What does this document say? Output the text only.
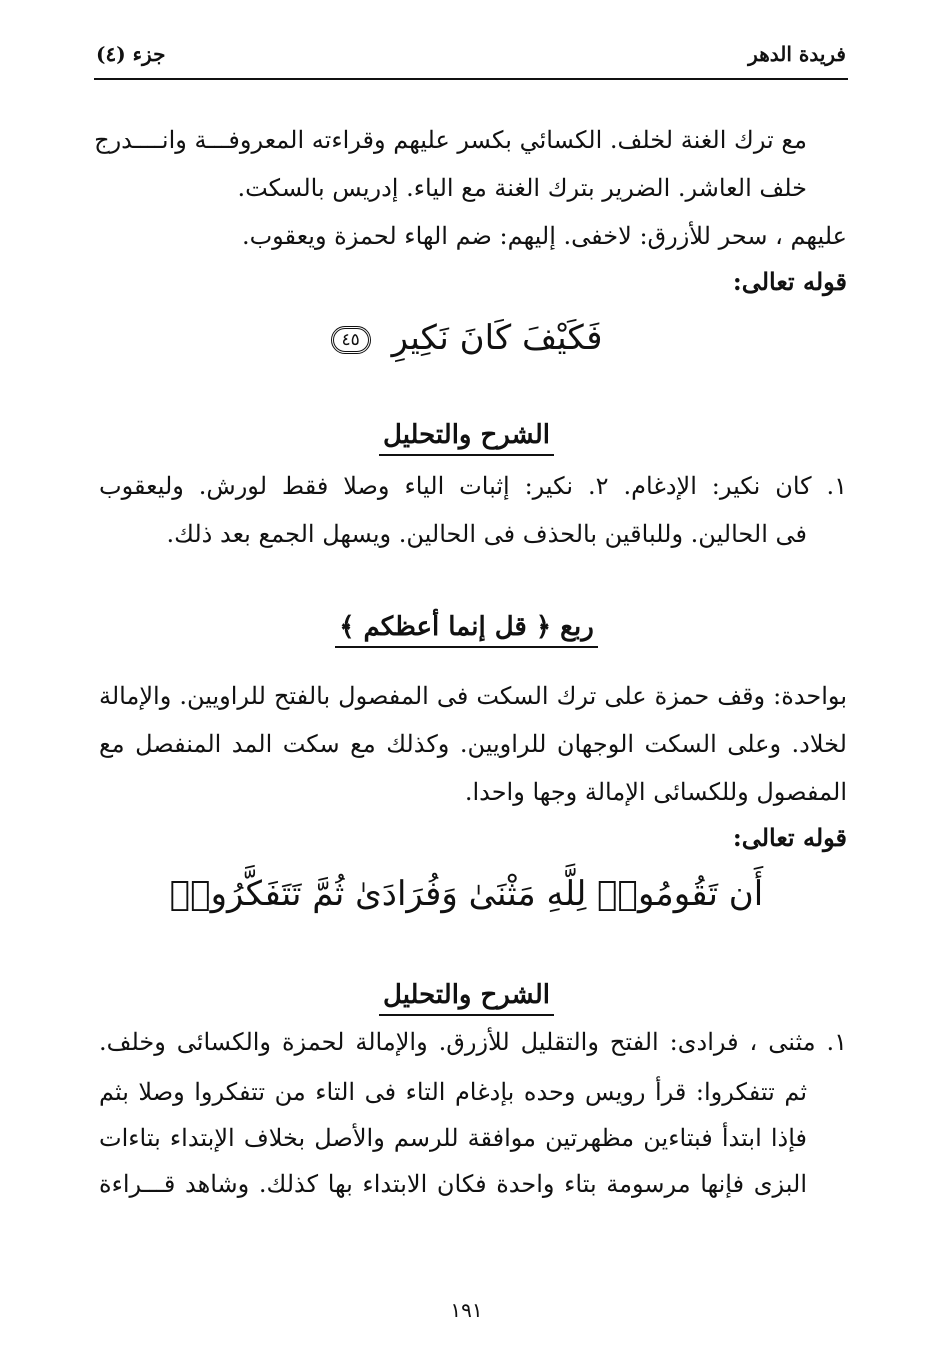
فريدة الدهر
جزء (٤)
مع ترك الغنة لخلف. الكسائي بكسر عليهم وقراءته المعروفـــة وانــــدرج
خلف العاشر. الضرير بترك الغنة مع الياء. إدريس بالسكت.
عليهم ، سحر للأزرق: لاخفى. إليهم: ضم الهاء لحمزة ويعقوب.
قوله تعالى:
فَكَيْفَ كَانَ نَكِيرِ ٤٥
الشرح والتحليل
١. كان نكير: الإدغام. ٢. نكير: إثبات الياء وصلا فقط لورش. وليعقوب
فى الحالين. وللباقين بالحذف فى الحالين. ويسهل الجمع بعد ذلك.
ربع ﴿ قل إنما أعظكم ﴾
بواحدة: وقف حمزة على ترك السكت فى المفصول بالفتح للراويين. والإمالة
لخلاد. وعلى السكت الوجهان للراويين. وكذلك مع سكت المد المنفصل مع
المفصول وللكسائى الإمالة وجها واحدا.
قوله تعالى:
أَن تَقُومُوا۟ لِلَّهِ مَثْنَىٰ وَفُرَادَىٰ ثُمَّ تَتَفَكَّرُوا۟
الشرح والتحليل
١. مثنى ، فرادى: الفتح والتقليل للأزرق. والإمالة لحمزة والكسائى وخلف.
ثم تتفكروا: قرأ رويس وحده بإدغام التاء فى التاء من تتفكروا وصلا بثم
فإذا ابتدأ فبتاءين مظهرتين موافقة للرسم والأصل بخلاف الإبتداء بتاءات
البزى فإنها مرسومة بتاء واحدة فكان الابتداء بها كذلك. وشاهد قـــراءة
١٩١
